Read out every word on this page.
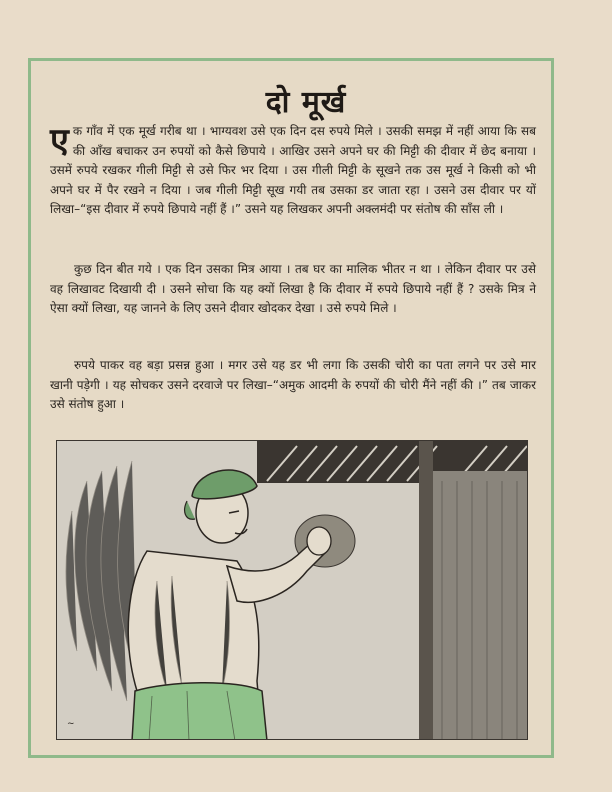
दो मूर्ख
एक गाँव में एक मूर्ख गरीब था । भाग्यवश उसे एक दिन दस रुपये मिले । उसकी समझ में नहीं आया कि सब की आँख बचाकर उन रुपयों को कैसे छिपाये । आखिर उसने अपने घर की मिट्टी की दीवार में छेद बनाया । उसमें रुपये रखकर गीली मिट्टी से उसे फिर भर दिया । उस गीली मिट्टी के सूखने तक उस मूर्ख ने किसी को भी अपने घर में पैर रखने न दिया । जब गीली मिट्टी सूख गयी तब उसका डर जाता रहा । उसने उस दीवार पर यों लिखा–“इस दीवार में रुपये छिपाये नहीं हैं ।” उसने यह लिखकर अपनी अक्लमंदी पर संतोष की साँस ली ।
कुछ दिन बीत गये । एक दिन उसका मित्र आया । तब घर का मालिक भीतर न था । लेकिन दीवार पर उसे वह लिखावट दिखायी दी । उसने सोचा कि यह क्यों लिखा है कि दीवार में रुपये छिपाये नहीं हैं ? उसके मित्र ने ऐसा क्यों लिखा, यह जानने के लिए उसने दीवार खोदकर देखा । उसे रुपये मिले ।
रुपये पाकर वह बड़ा प्रसन्न हुआ । मगर उसे यह डर भी लगा कि उसकी चोरी का पता लगने पर उसे मार खानी पड़ेगी । यह सोचकर उसने दरवाजे पर लिखा–“अमुक आदमी के रुपयों की चोरी मैंने नहीं की ।” तब जाकर उसे संतोष हुआ ।
~
